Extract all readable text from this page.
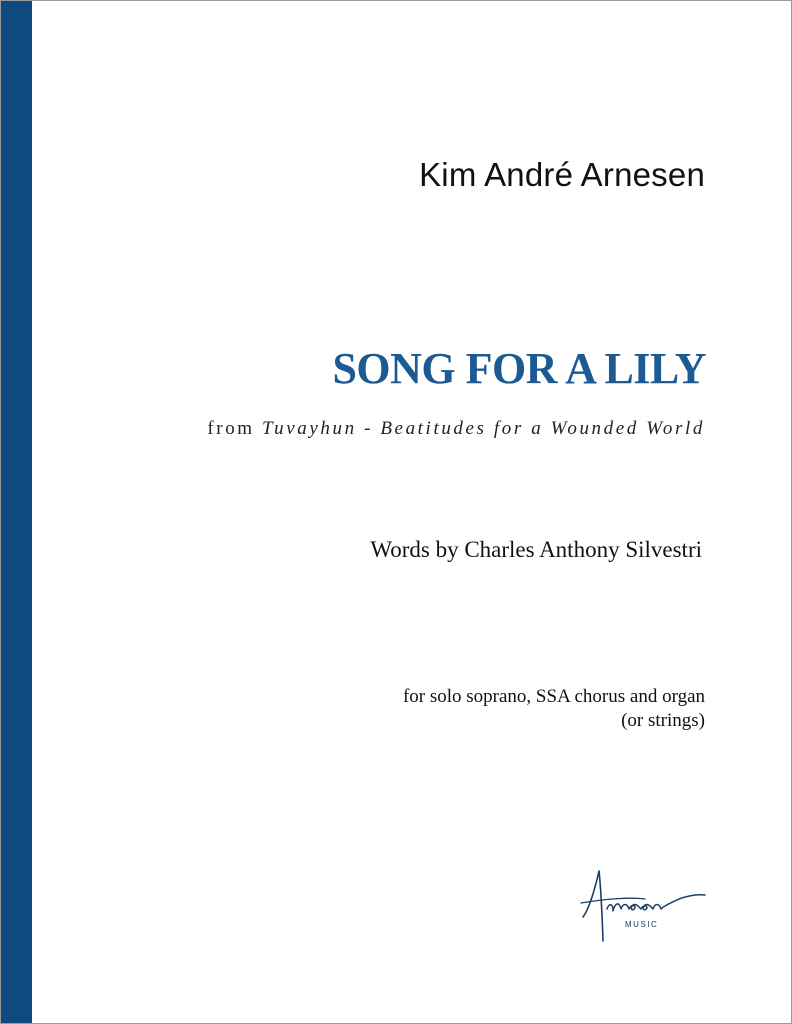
Kim André Arnesen
SONG FOR A LILY
from Tuvayhun - Beatitudes for a Wounded World
Words by Charles Anthony Silvestri
for solo soprano, SSA chorus and organ
(or strings)
MUSIC
